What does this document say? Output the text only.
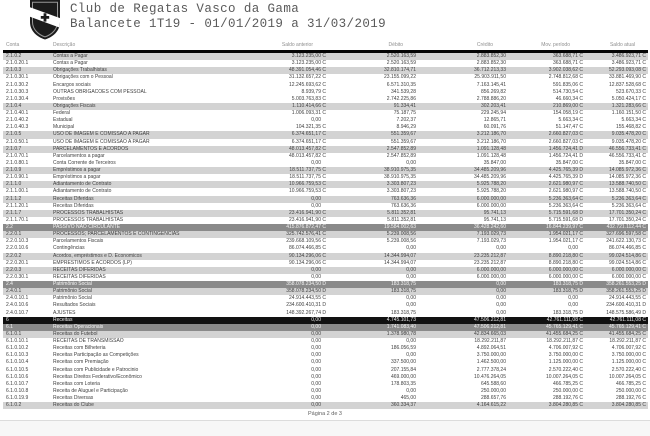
Club de Regatas Vasco da Gama
Balancete 1T19 - 01/01/2019 a 31/03/2019
Conta	Descrição	Saldo anterior	Débito	Crédito	Mov. período	Saldo atual
2.1.0.2	Contas a Pagar	3.123.235,00C	2.520.163,59	2.883.852,30	363.688,71C	3.486.923,71C
2.1.0.20.1	Contas a Pagar	3.123.235,00C	2.520.163,59	2.883.852,30	363.688,71C	3.486.923,71C
2.1.0.3	Obrigações Trabalhistas	48.391.054,46C	32.810.174,71	36.712.213,33	3.902.038,62C	52.293.093,08C
2.1.0.30.1	Obrigações com o Pessoal	31.132.657,22C	23.155.099,22	25.903.911,50	2.748.812,68C	33.881.469,90C
2.1.0.30.2	Encargos sociais	12.245.693,62C	6.571.310,35	7.163.145,41	591.835,06C	12.837.528,68C
2.1.0.30.3	OUTRAS OBRIGACOES COM PESSOAL	8.939,79C	341.539,28	856.269,82	514.730,54C	523.670,33C
2.1.0.30.4	Provisões	5.003.763,83C	2.742.225,86	2.788.886,20	46.660,34C	5.050.424,17C
2.1.0.4	Obrigações Fiscais	1.110.414,66C	91.334,41	302.203,41	210.869,00C	1.321.283,66C
2.1.0.40.1	Federal	1.006.093,31C	75.187,75	229.245,94	154.058,19C	1.160.151,50C
2.1.0.40.2	Estadual	0,00	7.202,37	12.865,71	5.663,34C	5.663,34C
2.1.0.40.3	Municipal	104.321,35C	8.946,29	60.091,76	51.147,47C	155.468,82C
2.1.0.5	USO DE IMAGEM E COMISSAO A PAGAR	6.374.651,17C	551.359,67	3.212.186,70	2.660.827,03C	9.035.478,20C
2.1.0.50.1	USO DE IMAGEM E COMISSAO A PAGAR	6.374.651,17C	551.359,67	3.212.186,70	2.660.827,03C	9.035.478,20C
2.1.0.7	PARCELAMENTOS E ACORDOS	48.013.457,82C	2.547.852,89	1.091.128,48	1.456.724,41D	46.556.733,41C
2.1.0.70.1	Parcelamentos a pagar	48.013.457,82C	2.547.852,89	1.091.128,48	1.456.724,41D	46.556.733,41C
2.1.0.80.1	Conta Corrente de Terceiros	0,00	0,00	35.847,00	35.847,00C	35.847,00C
2.1.0.9	Empréstimos a pagar	18.511.737,75C	38.910.975,35	34.485.209,96	4.425.765,39D	14.085.972,36C
2.1.0.90.1	Empréstimos a pagar	18.511.737,75C	38.910.975,35	34.485.209,96	4.425.765,39D	14.085.972,36C
2.1.1.0	Adiantamento de Contrato	10.966.759,53C	3.303.807,23	5.925.788,20	2.621.980,97C	13.588.740,50C
2.1.1.00.1	Adiantamento de Contrato	10.966.759,53C	3.303.807,23	5.925.788,20	2.621.980,97C	13.588.740,50C
2.1.1.2	Receitas Diferidas	0,00	763.636,36	6.000.000,00	5.236.363,64C	5.236.363,64C
2.1.1.20.1	Receitas Diferidas	0,00	763.636,36	6.000.000,00	5.236.363,64C	5.236.363,64C
2.1.1.7	PROCESSOS TRABALHISTAS	23.416.941,90C	5.811.352,81	95.741,13	5.715.591,68D	17.701.350,24C
2.1.1.70.1	PROCESSOS TRABALHISTAS	23.416.941,90C	5.811.352,81	95.741,13	5.715.591,68D	17.701.350,24C
2.2	PASSIVO NÃO CIRCULANTE	415.876.872,47C	19.584.002,63	36.428.242,60	16.844.239,97C	432.721.112,44C
2.2.0.1	PROCESSOS; PARCELAMENTOS E CONTINGÊNCIAS	325.742.576,41C	5.239.008,56	7.193.029,73	1.954.021,17C	327.696.597,58C
2.2.0.10.3	Parcelamentos Fiscais	239.668.109,56C	5.239.008,56	7.193.029,73	1.954.021,17C	241.622.130,73C
2.2.0.10.6	Contingências	86.074.466,85C	0,00	0,00	0,00	86.074.466,85C
2.2.0.2	Acordos, empréstimos e D. Economicos	90.134.296,06C	14.344.994,07	23.235.212,87	8.890.218,80C	99.024.514,86C
2.2.0.20.1	EMPRESTIMOS E ACORDOS (LP)	90.134.296,06C	14.344.994,07	23.235.212,87	8.890.218,80C	99.024.514,86C
2.2.0.3	RECEITAS DIFERIDAS	0,00	0,00	6.000.000,00	6.000.000,00C	6.000.000,00C
2.2.0.30.1	RECEITAS DIFERIDAS	0,00	0,00	6.000.000,00	6.000.000,00C	6.000.000,00C
2.4	Patrimônio Social	358.078.234,50D	183.318,75	0,00	183.318,75D	358.261.553,25D
2.4.0.1	Patrimônio Social	358.078.234,50D	183.318,75	0,00	183.318,75D	358.261.553,25D
2.4.0.10.1	Patrimônio Social	24.914.443,55C	0,00	0,00	0,00	24.914.443,55C
2.4.0.10.6	Resultados Sociais	234.600.410,31D	0,00	0,00	0,00	234.600.410,31D
2.4.0.10.7	AJUSTES	148.392.267,74D	183.318,75	0,00	183.318,75D	148.575.586,49D
6	Receitas	0,00	4.745.101,73	47.506.212,81	42.761.111,08C	42.761.111,08C
6.1	Receitas Operacionais	0,00	1.741.083,40	47.506.212,81	45.765.129,41C	45.765.129,41C
6.1.0.1	Receitas do Futebol	0,00	1.378.980,78	42.834.665,03	41.455.684,25C	41.455.684,25C
6.1.0.10.1	RECEITAS DE TRANSMISSÃO	0,00	0,00	18.292.211,87	18.292.211,87C	18.292.211,87C
6.1.0.10.2	Receitas com Bilheteria	0,00	186.056,59	4.892.064,51	4.706.007,92C	4.706.007,92C
6.1.0.10.3	Receitas Participação as Competições	0,00	0,00	3.750.000,00	3.750.000,00C	3.750.000,00C
6.1.0.10.4	Receitas com Premiação	0,00	337.500,00	1.462.500,00	1.125.000,00C	1.125.000,00C
6.1.0.10.5	Receitas com Publicidade e Patrocinio	0,00	207.155,84	2.777.378,24	2.570.222,40C	2.570.222,40C
6.1.0.10.6	Receitas Direitos Federativo/Econômico	0,00	469.000,00	10.476.264,05	10.007.264,05C	10.007.264,05C
6.1.0.10.7	Receitas com Loteria	0,00	178.803,35	645.588,60	466.785,25C	466.785,25C
6.1.0.10.8	Receita de Aluguel e Participação	0,00	0,00	250.000,00	250.000,00C	250.000,00C
6.1.0.19.9	Receitas Diversas	0,00	465,00	288.657,76	288.192,76C	288.192,76C
6.1.0.2	Receitas do Clube	0,00	360.334,37	4.164.615,22	3.804.280,85C	3.804.280,85C
Página 2 de 3
